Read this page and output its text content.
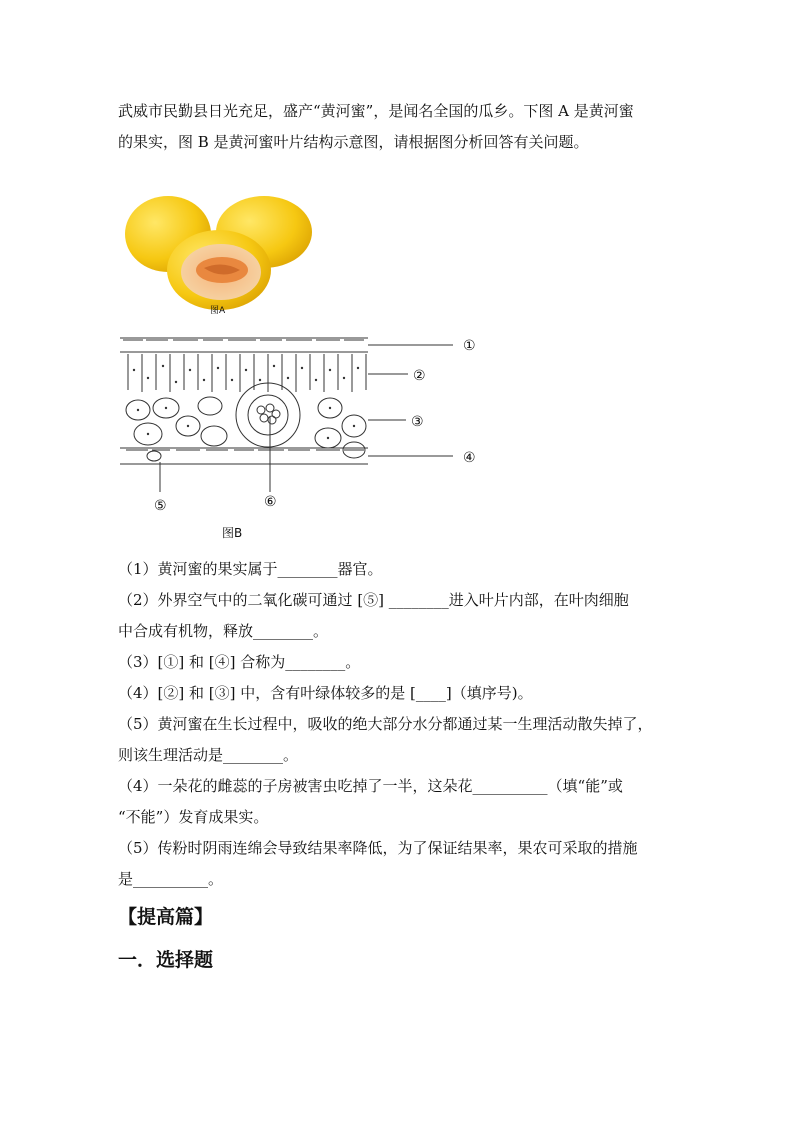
武威市民勤县日光充足，盛产“黄河蜜”，是闻名全国的瓜乡。下图 A 是黄河蜜
的果实，图 B 是黄河蜜叶片结构示意图，请根据图分析回答有关问题。
图A
①
②
③
④
⑤	⑥
图B
（1）黄河蜜的果实属于________器官。
（2）外界空气中的二氧化碳可通过 [⑤] ________进入叶片内部，在叶肉细胞
中合成有机物，释放________。
（3）[①] 和 [④] 合称为________。
（4）[②] 和 [③] 中，含有叶绿体较多的是 [____]（填序号)。
（5）黄河蜜在生长过程中，吸收的绝大部分水分都通过某一生理活动散失掉了，
则该生理活动是________。
（4）一朵花的雌蕊的子房被害虫吃掉了一半，这朵花__________（填“能”或
“不能”）发育成果实。
（5）传粉时阴雨连绵会导致结果率降低，为了保证结果率，果农可采取的措施
是__________。
【提高篇】
一．选择题
